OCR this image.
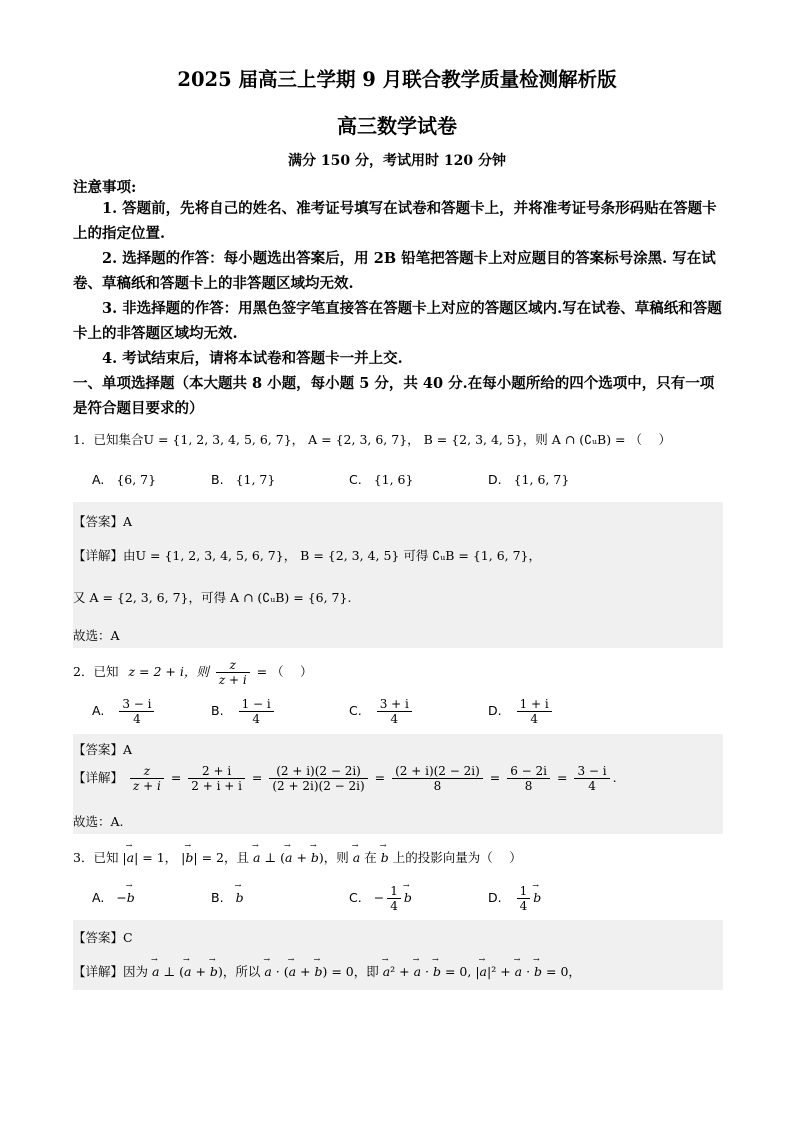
2025 届高三上学期 9 月联合教学质量检测解析版
高三数学试卷
满分 150 分，考试用时 120 分钟
注意事项:
1. 答题前，先将自己的姓名、准考证号填写在试卷和答题卡上，并将准考证号条形码贴在答题卡上的指定位置.
2. 选择题的作答：每小题选出答案后，用 2B 铅笔把答题卡上对应题目的答案标号涂黑. 写在试卷、草稿纸和答题卡上的非答题区域均无效.
3. 非选择题的作答：用黑色签字笔直接答在答题卡上对应的答题区域内.写在试卷、草稿纸和答题卡上的非答题区域均无效.
4. 考试结束后，请将本试卷和答题卡一并上交.
一、单项选择题（本大题共 8 小题，每小题 5 分，共 40 分.在每小题所给的四个选项中，只有一项是符合题目要求的）
1．已知集合U = {1, 2, 3, 4, 5, 6, 7}， A = {2, 3, 6, 7}， B = {2, 3, 4, 5}，则 A ∩ (∁ᵤB) = （　 ）
A. {6, 7}	B. {1, 7}	C. {1, 6}	D. {1, 6, 7}
【答案】A
【详解】由U = {1, 2, 3, 4, 5, 6, 7}， B = {2, 3, 4, 5} 可得 ∁ᵤB = {1, 6, 7}，
又 A = {2, 3, 6, 7}，可得 A ∩ (∁ᵤB) = {6, 7}.
故选：A
2．已知 z = 2 + i，则 $\frac{z}{z + i}$ = （　 ）
A. $\frac{3 - i}{4}$	B. $\frac{1 - i}{4}$	C. $\frac{3 + i}{4}$	D. $\frac{1 + i}{4}$
【答案】A
【详解】 $\frac{z}{z + i} = \frac{2 + i}{2 + i + i} = \frac{(2 + i)(2 - 2i)}{(2 + 2i)(2 - 2i)} = \frac{(2 + i)(2 - 2i)}{8} = \frac{6 - 2i}{8} = \frac{3 - i}{4}$ .
故选：A.
3．已知 |→ a| = 1， |→ b| = 2，且 → a ⊥ (→ a + → b)，则 → a 在 → b 上的投影向量为（　 ）
A. −→ b	B.→ b	C. − $\frac{1}{4}$
→ b	D. $\frac{1}{4}$
→ b
【答案】C
【详解】因为 → a ⊥ (→ a + → b)，所以 → a · (→ a + → b) = 0，即 → a² + → a · → b = 0, |→ a|² + → a · → b = 0，
